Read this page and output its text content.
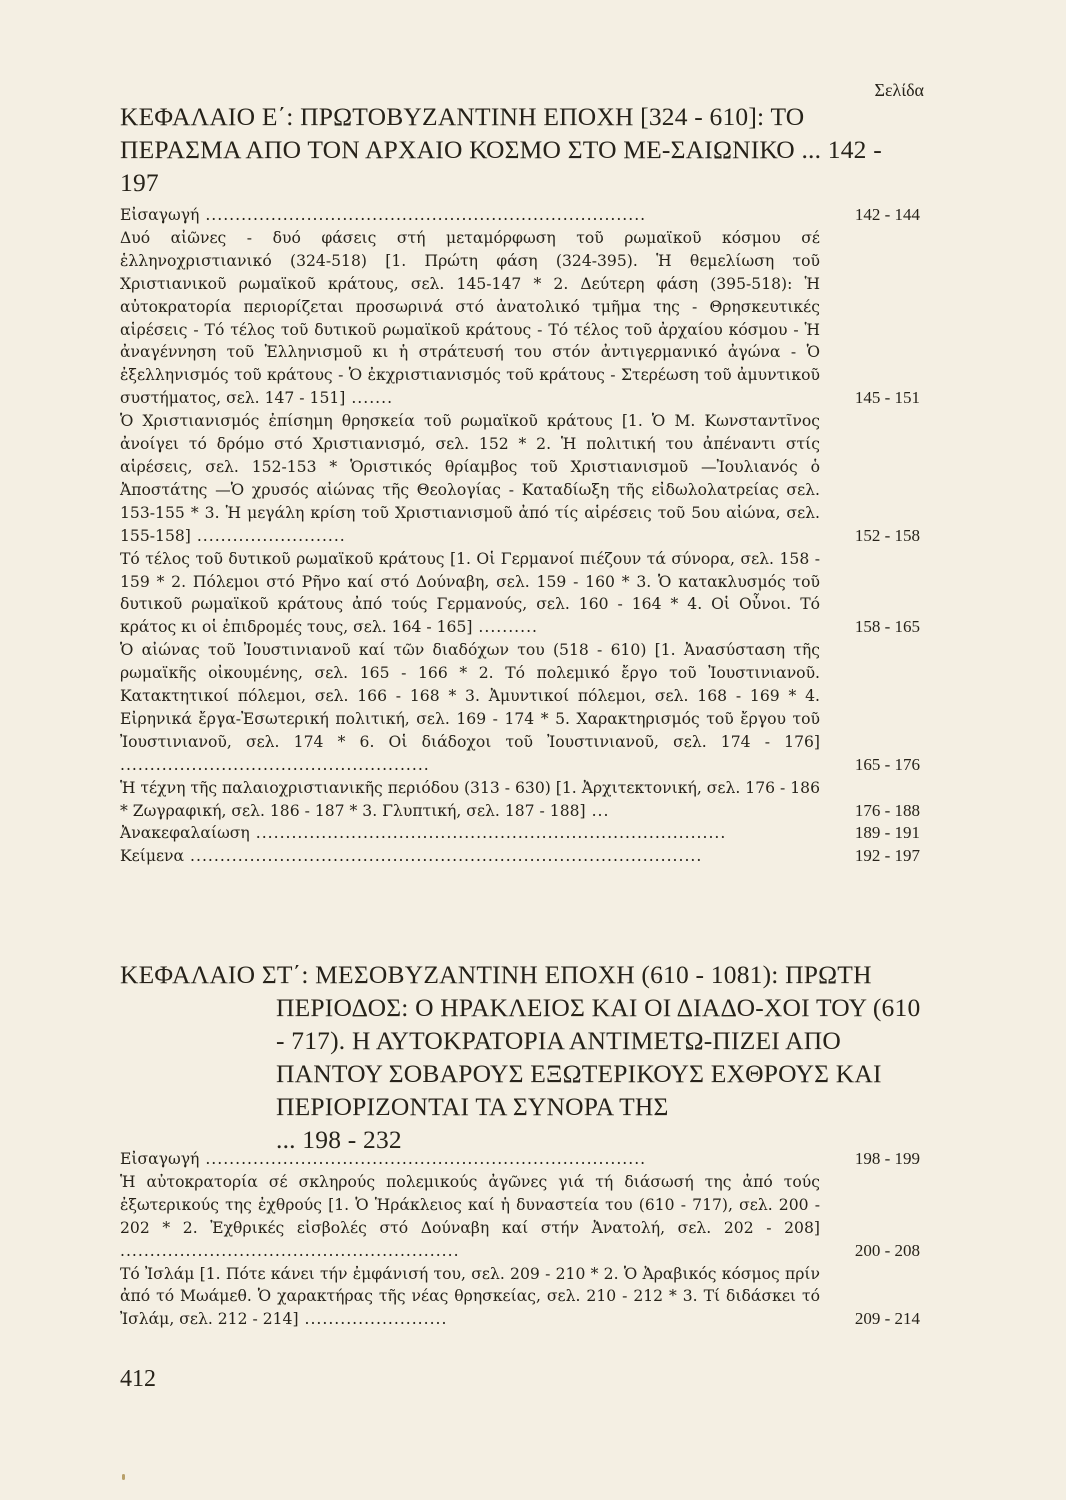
Σελίδα
ΚΕΦΑΛΑΙΟ Ε΄: ΠΡΩΤΟΒΥΖΑΝΤΙΝΗ ΕΠΟΧΗ [324 - 610]: ΤΟ ΠΕΡΑΣΜΑ ΑΠΟ ΤΟΝ ΑΡΧΑΙΟ ΚΟΣΜΟ ΣΤΟ ΜΕ-ΣΑΙΩΝΙΚΟ ... 142 - 197
Εἰσαγωγή ..........................................................................	142 - 144
Δυό αἰῶνες - δυό φάσεις στή μεταμόρφωση τοῦ ρωμαϊκοῦ κόσμου σέ ἑλληνοχριστιανικό (324-518) [1. Πρώτη φάση (324-395). Ἡ θεμελίωση τοῦ Χριστιανικοῦ ρωμαϊκοῦ κράτους, σελ. 145-147 * 2. Δεύτερη φάση (395-518): Ἡ αὐτοκρατορία περιορίζεται προσωρινά στό ἀνατολικό τμῆμα της - Θρησκευτικές αἱρέσεις - Τό τέλος τοῦ δυτικοῦ ρωμαϊκοῦ κράτους - Τό τέλος τοῦ ἀρχαίου κόσμου - Ἡ ἀναγέννηση τοῦ Ἑλληνισμοῦ κι ἡ στράτευσή του στόν ἀντιγερμανικό ἀγώνα - Ὁ ἐξελληνισμός τοῦ κράτους - Ὁ ἐκχριστιανισμός τοῦ κράτους - Στερέωση τοῦ ἀμυντικοῦ συστήματος, σελ. 147 - 151] .......	145 - 151
Ὁ Χριστιανισμός ἐπίσημη θρησκεία τοῦ ρωμαϊκοῦ κράτους [1. Ὁ Μ. Κωνσταντῖνος ἀνοίγει τό δρόμο στό Χριστιανισμό, σελ. 152 * 2. Ἡ πολιτική του ἀπέναντι στίς αἱρέσεις, σελ. 152-153 * Ὁριστικός θρίαμβος τοῦ Χριστιανισμοῦ —Ἰουλιανός ὁ Ἀποστάτης —Ὁ χρυσός αἰώνας τῆς Θεολογίας - Καταδίωξη τῆς εἰδωλολατρείας σελ. 153-155 * 3. Ἡ μεγάλη κρίση τοῦ Χριστιανισμοῦ ἀπό τίς αἱρέσεις τοῦ 5ου αἰώνα, σελ. 155-158] .........................	152 - 158
Τό τέλος τοῦ δυτικοῦ ρωμαϊκοῦ κράτους [1. Οἱ Γερμανοί πιέζουν τά σύνορα, σελ. 158 - 159 * 2. Πόλεμοι στό Ρῆνο καί στό Δούναβη, σελ. 159 - 160 * 3. Ὁ κατακλυσμός τοῦ δυτικοῦ ρωμαϊκοῦ κράτους ἀπό τούς Γερμανούς, σελ. 160 - 164 * 4. Οἱ Οὖνοι. Τό κράτος κι οἱ ἐπιδρομές τους, σελ. 164 - 165] ..........	158 - 165
Ὁ αἰώνας τοῦ Ἰουστινιανοῦ καί τῶν διαδόχων του (518 - 610) [1. Ἀνασύσταση τῆς ρωμαϊκῆς οἰκουμένης, σελ. 165 - 166 * 2. Τό πολεμικό ἔργο τοῦ Ἰουστινιανοῦ. Κατακτητικοί πόλεμοι, σελ. 166 - 168 * 3. Ἀμυντικοί πόλεμοι, σελ. 168 - 169 * 4. Εἰρηνικά ἔργα-Ἐσωτερική πολιτική, σελ. 169 - 174 * 5. Χαρακτηρισμός τοῦ ἔργου τοῦ Ἰουστινιανοῦ, σελ. 174 * 6. Οἱ διάδοχοι τοῦ Ἰουστινιανοῦ, σελ. 174 - 176] ....................................................	165 - 176
Ἡ τέχνη τῆς παλαιοχριστιανικῆς περιόδου (313 - 630) [1. Ἀρχιτεκτονική, σελ. 176 - 186 * Ζωγραφική, σελ. 186 - 187 * 3. Γλυπτική, σελ. 187 - 188] ...	176 - 188
Ἀνακεφαλαίωση ...............................................................................	189 - 191
Κείμενα ......................................................................................	192 - 197
ΚΕΦΑΛΑΙΟ ΣΤ΄: ΜΕΣΟΒΥΖΑΝΤΙΝΗ ΕΠΟΧΗ (610 - 1081): ΠΡΩΤΗ ΠΕΡΙΟΔΟΣ: Ο ΗΡΑΚΛΕΙΟΣ ΚΑΙ ΟΙ ΔΙΑΔΟ-ΧΟΙ ΤΟΥ (610 - 717). Η ΑΥΤΟΚΡΑΤΟΡΙΑ ΑΝΤΙΜΕΤΩ-ΠΙΖΕΙ ΑΠΟ ΠΑΝΤΟΥ ΣΟΒΑΡΟΥΣ ΕΞΩΤΕΡΙΚΟΥΣ ΕΧΘΡΟΥΣ ΚΑΙ ΠΕΡΙΟΡΙΖΟΝΤΑΙ ΤΑ ΣΥΝΟΡΑ ΤΗΣ
... 198 - 232
Εἰσαγωγή ..........................................................................	198 - 199
Ἡ αὐτοκρατορία σέ σκληρούς πολεμικούς ἀγῶνες γιά τή διάσωσή της ἀπό τούς ἐξωτερικούς της ἐχθρούς [1. Ὁ Ἡράκλειος καί ἡ δυναστεία του (610 - 717), σελ. 200 - 202 * 2. Ἐχθρικές εἰσβολές στό Δούναβη καί στήν Ἀνατολή, σελ. 202 - 208] .........................................................	200 - 208
Τό Ἰσλάμ [1. Πότε κάνει τήν ἐμφάνισή του, σελ. 209 - 210 * 2. Ὁ Ἀραβικός κόσμος πρίν ἀπό τό Μωάμεθ. Ὁ χαρακτήρας τῆς νέας θρησκείας, σελ. 210 - 212 * 3. Τί διδάσκει τό Ἰσλάμ, σελ. 212 - 214] ........................	209 - 214
412
